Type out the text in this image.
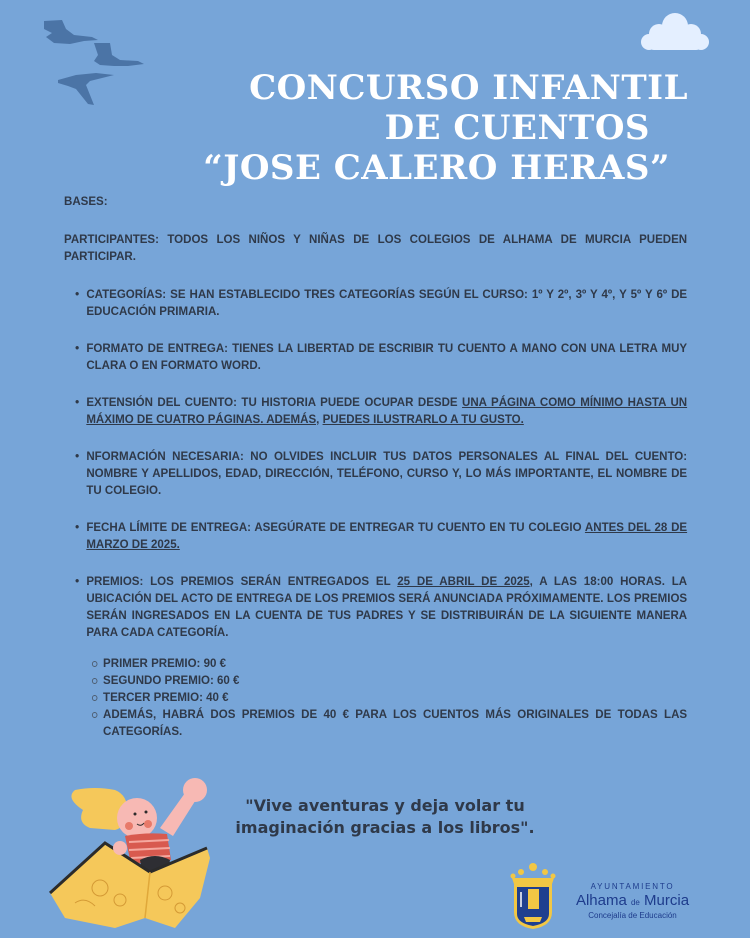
CONCURSO INFANTIL
DE CUENTOS
“JOSE CALERO HERAS”

BASES:

PARTICIPANTES: TODOS LOS NIÑOS Y NIÑAS DE LOS COLEGIOS DE ALHAMA DE MURCIA PUEDEN PARTICIPAR.

• CATEGORÍAS: SE HAN ESTABLECIDO TRES CATEGORÍAS SEGÚN EL CURSO: 1º Y 2º, 3º Y 4º, Y 5º Y 6º DE EDUCACIÓN PRIMARIA.
• FORMATO DE ENTREGA: TIENES LA LIBERTAD DE ESCRIBIR TU CUENTO A MANO CON UNA LETRA MUY CLARA O EN FORMATO WORD.
• EXTENSIÓN DEL CUENTO: TU HISTORIA PUEDE OCUPAR DESDE UNA PÁGINA COMO MÍNIMO HASTA UN MÁXIMO DE CUATRO PÁGINAS. ADEMÁS, PUEDES ILUSTRARLO A TU GUSTO.
• NFORMACIÓN NECESARIA: NO OLVIDES INCLUIR TUS DATOS PERSONALES AL FINAL DEL CUENTO: NOMBRE Y APELLIDOS, EDAD, DIRECCIÓN, TELÉFONO, CURSO Y, LO MÁS IMPORTANTE, EL NOMBRE DE TU COLEGIO.
• FECHA LÍMITE DE ENTREGA: ASEGÚRATE DE ENTREGAR TU CUENTO EN TU COLEGIO ANTES DEL 28 DE MARZO DE 2025.
• PREMIOS: LOS PREMIOS SERÁN ENTREGADOS EL 25 DE ABRIL DE 2025, A LAS 18:00 HORAS. LA UBICACIÓN DEL ACTO DE ENTREGA DE LOS PREMIOS SERÁ ANUNCIADA PRÓXIMAMENTE. LOS PREMIOS SERÁN INGRESADOS EN LA CUENTA DE TUS PADRES Y SE DISTRIBUIRÁN DE LA SIGUIENTE MANERA PARA CADA CATEGORÍA.
PRIMER PREMIO: 90 €
SEGUNDO PREMIO: 60 €
TERCER PREMIO: 40 €
ADEMÁS, HABRÁ DOS PREMIOS DE 40 € PARA LOS CUENTOS MÁS ORIGINALES DE TODAS LAS CATEGORÍAS.
"Vive aventuras y deja volar tu
imaginación gracias a los libros".
AYUNTAMIENTO
Alhama de Murcia
Concejalía de Educación
